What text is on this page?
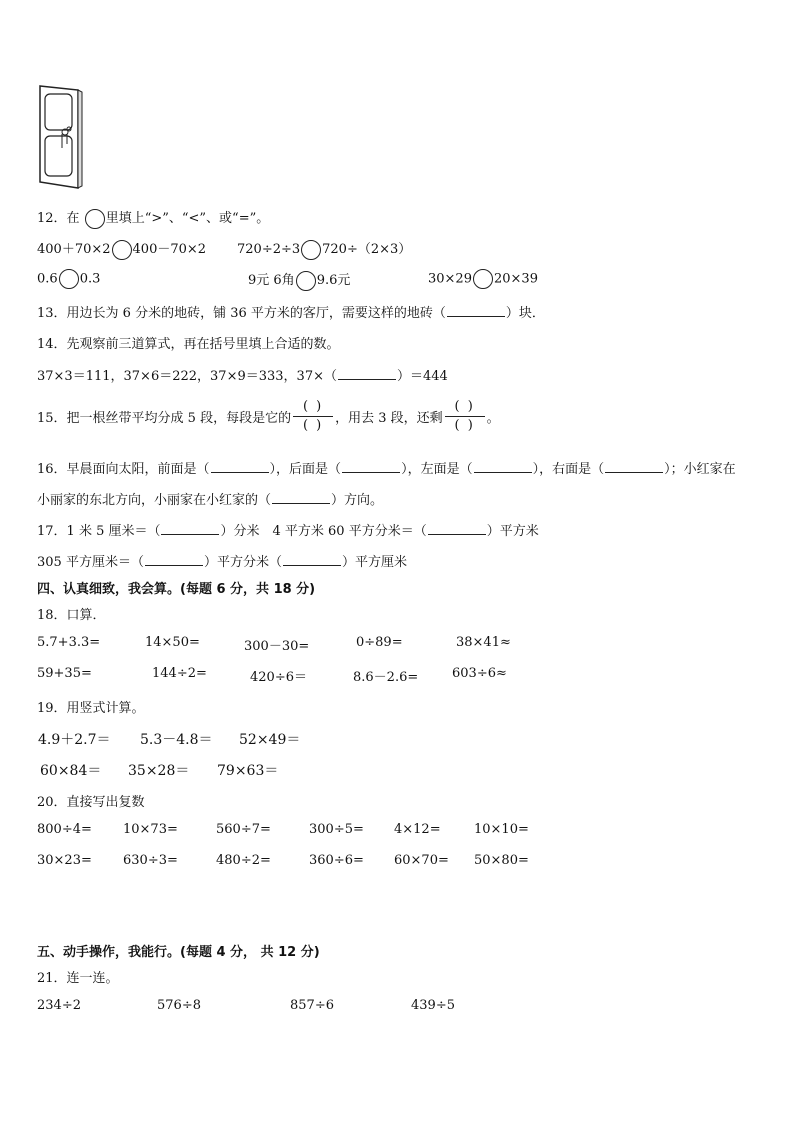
12．在 里填上“>”、“<”、或“=”。
400＋70×2 400－70×2 720÷2÷3 720÷（2×3）
0.6 0.3	9元 6角 9.6元	30×29 20×39
13．用边长为 6 分米的地砖，铺 36 平方米的客厅，需要这样的地砖（	）块．
14．先观察前三道算式，再在括号里填上合适的数。
37×3＝111，37×6＝222，37×9＝333，37×（	）＝444
15．把一根丝带平均分成 5 段，每段是它的 $\frac{( )}{( )}$ ，用去 3 段，还剩 $\frac{( )}{( )}$ 。
16．早晨面向太阳，前面是（	），后面是（	），左面是（	），右面是（	）；小红家在
小丽家的东北方向，小丽家在小红家的（	）方向。
17．1 米 5 厘米＝（	）分米　4 平方米 60 平方分米＝（	）平方米
305 平方厘米＝（	）平方分米（	）平方厘米
四、认真细致，我会算。(每题 6 分，共 18 分)
18．口算．
5.7+3.3=	14×50=	300－30=	0÷89=	38×41≈
59+35=	144÷2=	420÷6＝	8.6－2.6=	603÷6≈
19．用竖式计算。
4.9＋2.7＝ 5.3－4.8＝ 52×49＝
60×84＝ 35×28＝ 79×63＝
20．直接写出复数
800÷4= 10×73=	560÷7=	300÷5= 4×12=	10×10=
30×23= 630÷3=	480÷2=	360÷6= 60×70= 50×80=
五、动手操作，我能行。(每题 4 分， 共 12 分)
21．连一连。
234÷2	576÷8	857÷6	439÷5
